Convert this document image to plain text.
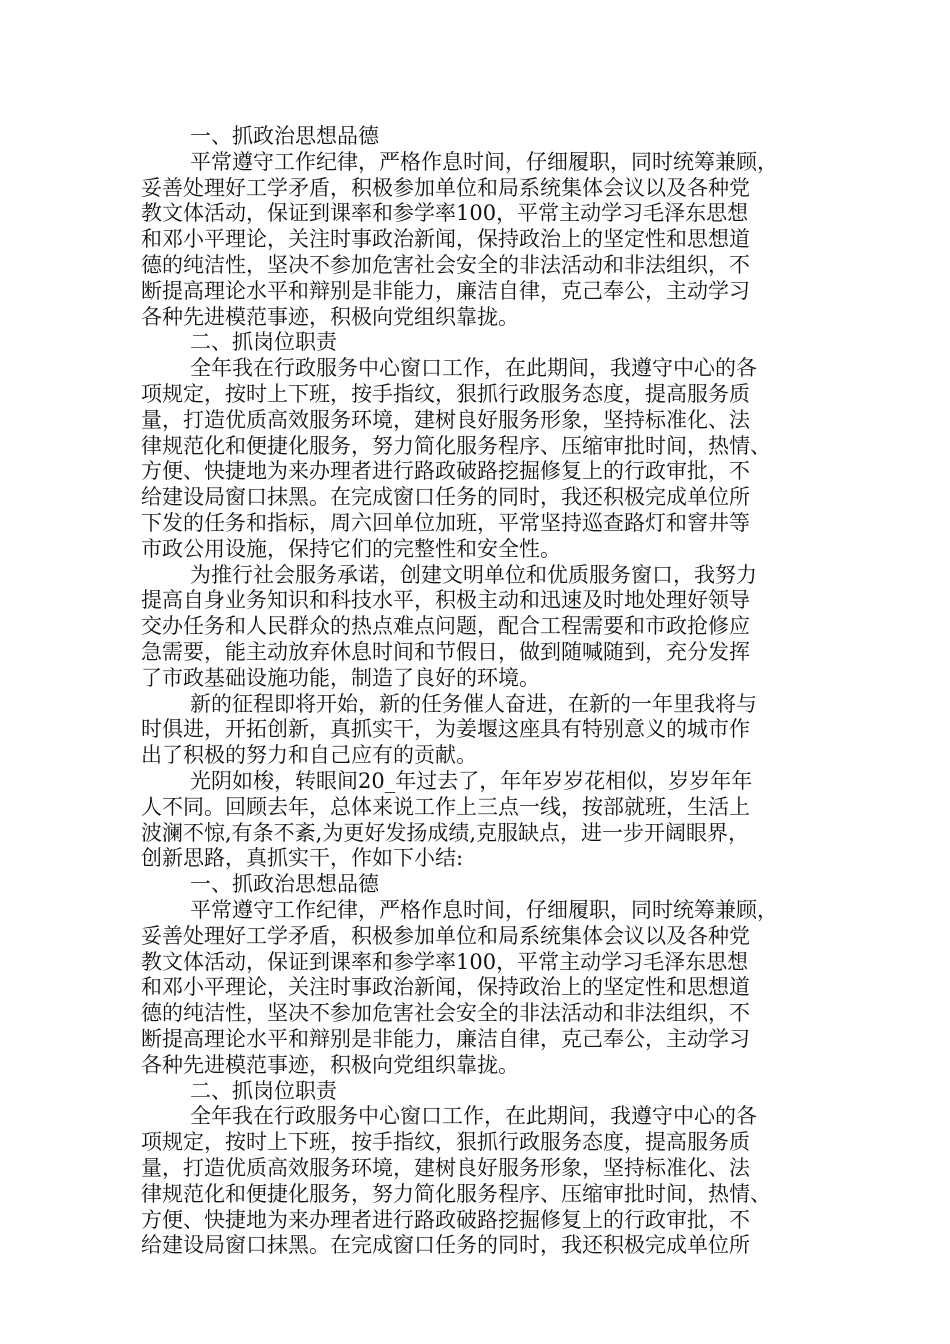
一、抓政治思想品德
平常遵守工作纪律，严格作息时间，仔细履职，同时统筹兼顾，
妥善处理好工学矛盾，积极参加单位和局系统集体会议以及各种党
教文体活动，保证到课率和参学率100，平常主动学习毛泽东思想
和邓小平理论，关注时事政治新闻，保持政治上的坚定性和思想道
德的纯洁性，坚决不参加危害社会安全的非法活动和非法组织，不
断提高理论水平和辩别是非能力，廉洁自律，克己奉公，主动学习
各种先进模范事迹，积极向党组织靠拢。
二、抓岗位职责
全年我在行政服务中心窗口工作，在此期间，我遵守中心的各
项规定，按时上下班，按手指纹，狠抓行政服务态度，提高服务质
量，打造优质高效服务环境，建树良好服务形象，坚持标准化、法
律规范化和便捷化服务，努力简化服务程序、压缩审批时间，热情、
方便、快捷地为来办理者进行路政破路挖掘修复上的行政审批，不
给建设局窗口抹黑。在完成窗口任务的同时，我还积极完成单位所
下发的任务和指标，周六回单位加班，平常坚持巡查路灯和窨井等
市政公用设施，保持它们的完整性和安全性。
为推行社会服务承诺，创建文明单位和优质服务窗口，我努力
提高自身业务知识和科技水平，积极主动和迅速及时地处理好领导
交办任务和人民群众的热点难点问题，配合工程需要和市政抢修应
急需要，能主动放弃休息时间和节假日，做到随喊随到，充分发挥
了市政基础设施功能，制造了良好的环境。
新的征程即将开始，新的任务催人奋进，在新的一年里我将与
时俱进，开拓创新，真抓实干，为姜堰这座具有特别意义的城市作
出了积极的努力和自己应有的贡献。
光阴如梭，转眼间20_年过去了，年年岁岁花相似，岁岁年年
人不同。回顾去年，总体来说工作上三点一线，按部就班，生活上
波澜不惊,有条不紊,为更好发扬成绩,克服缺点，进一步开阔眼界，
创新思路，真抓实干，作如下小结:
一、抓政治思想品德
平常遵守工作纪律，严格作息时间，仔细履职，同时统筹兼顾，
妥善处理好工学矛盾，积极参加单位和局系统集体会议以及各种党
教文体活动，保证到课率和参学率100，平常主动学习毛泽东思想
和邓小平理论，关注时事政治新闻，保持政治上的坚定性和思想道
德的纯洁性，坚决不参加危害社会安全的非法活动和非法组织，不
断提高理论水平和辩别是非能力，廉洁自律，克己奉公，主动学习
各种先进模范事迹，积极向党组织靠拢。
二、抓岗位职责
全年我在行政服务中心窗口工作，在此期间，我遵守中心的各
项规定，按时上下班，按手指纹，狠抓行政服务态度，提高服务质
量，打造优质高效服务环境，建树良好服务形象，坚持标准化、法
律规范化和便捷化服务，努力简化服务程序、压缩审批时间，热情、
方便、快捷地为来办理者进行路政破路挖掘修复上的行政审批，不
给建设局窗口抹黑。在完成窗口任务的同时，我还积极完成单位所
